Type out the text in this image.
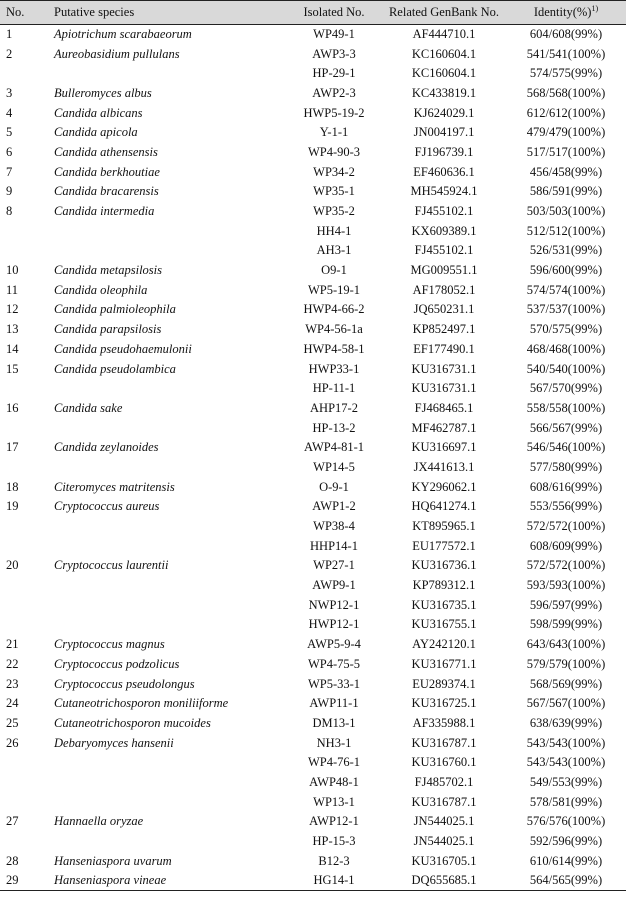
No.	Putative species	Isolated No.	Related GenBank No.	Identity(%)$^{1)}$
1	Apiotrichum scarabaeorum	WP49-1	AF444710.1	604/608(99%)
2	Aureobasidium pullulans	AWP3-3	KC160604.1	541/541(100%)
		HP-29-1	KC160604.1	574/575(99%)
3	Bulleromyces albus	AWP2-3	KC433819.1	568/568(100%)
4	Candida albicans	HWP5-19-2	KJ624029.1	612/612(100%)
5	Candida apicola	Y-1-1	JN004197.1	479/479(100%)
6	Candida athensensis	WP4-90-3	FJ196739.1	517/517(100%)
7	Candida berkhoutiae	WP34-2	EF460636.1	456/458(99%)
9	Candida bracarensis	WP35-1	MH545924.1	586/591(99%)
8	Candida intermedia	WP35-2	FJ455102.1	503/503(100%)
		HH4-1	KX609389.1	512/512(100%)
		AH3-1	FJ455102.1	526/531(99%)
10	Candida metapsilosis	O9-1	MG009551.1	596/600(99%)
11	Candida oleophila	WP5-19-1	AF178052.1	574/574(100%)
12	Candida palmioleophila	HWP4-66-2	JQ650231.1	537/537(100%)
13	Candida parapsilosis	WP4-56-1a	KP852497.1	570/575(99%)
14	Candida pseudohaemulonii	HWP4-58-1	EF177490.1	468/468(100%)
15	Candida pseudolambica	HWP33-1	KU316731.1	540/540(100%)
		HP-11-1	KU316731.1	567/570(99%)
16	Candida sake	AHP17-2	FJ468465.1	558/558(100%)
		HP-13-2	MF462787.1	566/567(99%)
17	Candida zeylanoides	AWP4-81-1	KU316697.1	546/546(100%)
		WP14-5	JX441613.1	577/580(99%)
18	Citeromyces matritensis	O-9-1	KY296062.1	608/616(99%)
19	Cryptococcus aureus	AWP1-2	HQ641274.1	553/556(99%)
		WP38-4	KT895965.1	572/572(100%)
		HHP14-1	EU177572.1	608/609(99%)
20	Cryptococcus laurentii	WP27-1	KU316736.1	572/572(100%)
		AWP9-1	KP789312.1	593/593(100%)
		NWP12-1	KU316735.1	596/597(99%)
		HWP12-1	KU316755.1	598/599(99%)
21	Cryptococcus magnus	AWP5-9-4	AY242120.1	643/643(100%)
22	Cryptococcus podzolicus	WP4-75-5	KU316771.1	579/579(100%)
23	Cryptococcus pseudolongus	WP5-33-1	EU289374.1	568/569(99%)
24	Cutaneotrichosporon moniliiforme	AWP11-1	KU316725.1	567/567(100%)
25	Cutaneotrichosporon mucoides	DM13-1	AF335988.1	638/639(99%)
26	Debaryomyces hansenii	NH3-1	KU316787.1	543/543(100%)
		WP4-76-1	KU316760.1	543/543(100%)
		AWP48-1	FJ485702.1	549/553(99%)
		WP13-1	KU316787.1	578/581(99%)
27	Hannaella oryzae	AWP12-1	JN544025.1	576/576(100%)
		HP-15-3	JN544025.1	592/596(99%)
28	Hanseniaspora uvarum	B12-3	KU316705.1	610/614(99%)
29	Hanseniaspora vineae	HG14-1	DQ655685.1	564/565(99%)
